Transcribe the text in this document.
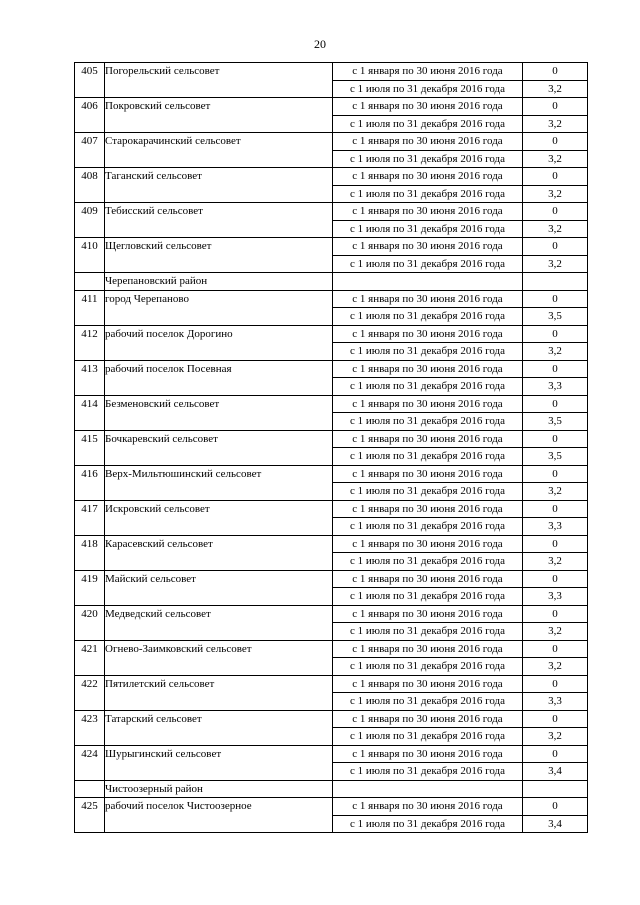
20
405	Погорельский сельсовет	с 1 января по 30 июня 2016 года	0
		с 1 июля по 31 декабря 2016 года	3,2
406	Покровский сельсовет	с 1 января по 30 июня 2016 года	0
		с 1 июля по 31 декабря 2016 года	3,2
407	Старокарачинский сельсовет	с 1 января по 30 июня 2016 года	0
		с 1 июля по 31 декабря 2016 года	3,2
408	Таганский сельсовет	с 1 января по 30 июня 2016 года	0
		с 1 июля по 31 декабря 2016 года	3,2
409	Тебисский сельсовет	с 1 января по 30 июня 2016 года	0
		с 1 июля по 31 декабря 2016 года	3,2
410	Щегловский сельсовет	с 1 января по 30 июня 2016 года	0
		с 1 июля по 31 декабря 2016 года	3,2
	Черепановский район		
411	город Черепаново	с 1 января по 30 июня 2016 года	0
		с 1 июля по 31 декабря 2016 года	3,5
412	рабочий поселок Дорогино	с 1 января по 30 июня 2016 года	0
		с 1 июля по 31 декабря 2016 года	3,2
413	рабочий поселок Посевная	с 1 января по 30 июня 2016 года	0
		с 1 июля по 31 декабря 2016 года	3,3
414	Безменовский сельсовет	с 1 января по 30 июня 2016 года	0
		с 1 июля по 31 декабря 2016 года	3,5
415	Бочкаревский сельсовет	с 1 января по 30 июня 2016 года	0
		с 1 июля по 31 декабря 2016 года	3,5
416	Верх-Мильтюшинский сельсовет	с 1 января по 30 июня 2016 года	0
		с 1 июля по 31 декабря 2016 года	3,2
417	Искровский сельсовет	с 1 января по 30 июня 2016 года	0
		с 1 июля по 31 декабря 2016 года	3,3
418	Карасевский сельсовет	с 1 января по 30 июня 2016 года	0
		с 1 июля по 31 декабря 2016 года	3,2
419	Майский сельсовет	с 1 января по 30 июня 2016 года	0
		с 1 июля по 31 декабря 2016 года	3,3
420	Медведский сельсовет	с 1 января по 30 июня 2016 года	0
		с 1 июля по 31 декабря 2016 года	3,2
421	Огнево-Заимковский сельсовет	с 1 января по 30 июня 2016 года	0
		с 1 июля по 31 декабря 2016 года	3,2
422	Пятилетский сельсовет	с 1 января по 30 июня 2016 года	0
		с 1 июля по 31 декабря 2016 года	3,3
423	Татарский сельсовет	с 1 января по 30 июня 2016 года	0
		с 1 июля по 31 декабря 2016 года	3,2
424	Шурыгинский сельсовет	с 1 января по 30 июня 2016 года	0
		с 1 июля по 31 декабря 2016 года	3,4
	Чистоозерный район		
425	рабочий поселок Чистоозерное	с 1 января по 30 июня 2016 года	0
		с 1 июля по 31 декабря 2016 года	3,4
